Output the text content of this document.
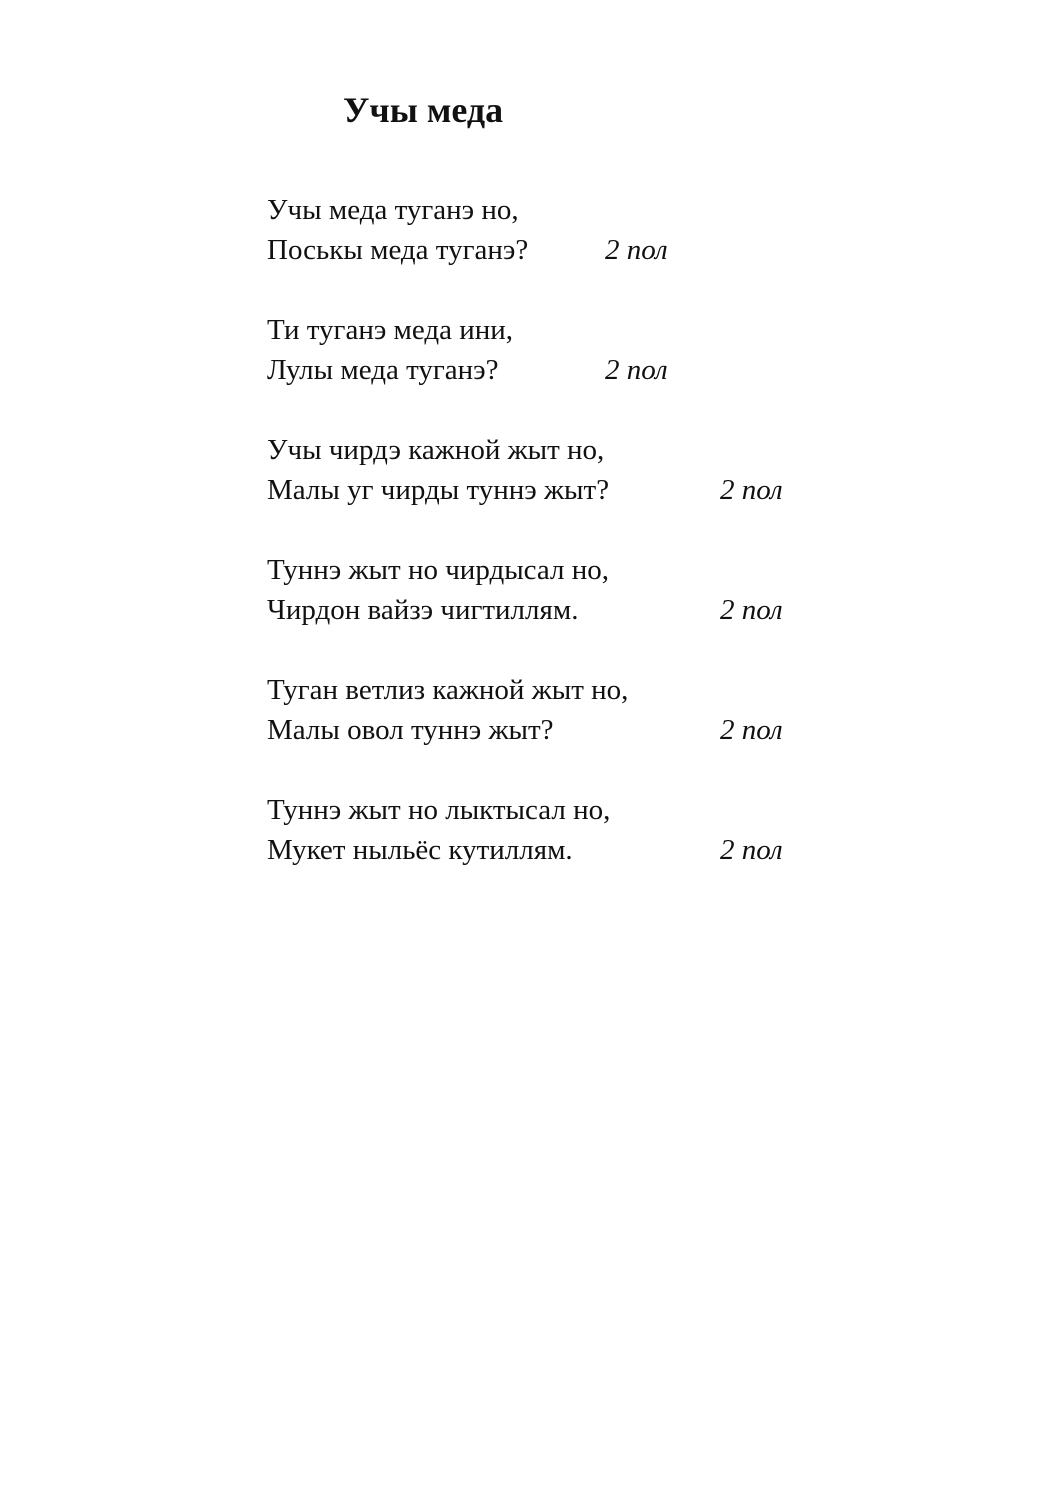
Учы меда
Учы меда туганэ но,
Поськы меда туганэ?	2 пол
Ти туганэ меда ини,
Лулы меда туганэ?	2 пол
Учы чирдэ кажной жыт но,
Малы уг чирды туннэ жыт?	2 пол
Туннэ жыт но чирдысал но,
Чирдон вайзэ чигтиллям.	2 пол
Туган ветлиз кажной жыт но,
Малы овол туннэ жыт?	2 пол
Туннэ жыт но лыктысал но,
Мукет ныльёс кутиллям.	2 пол
